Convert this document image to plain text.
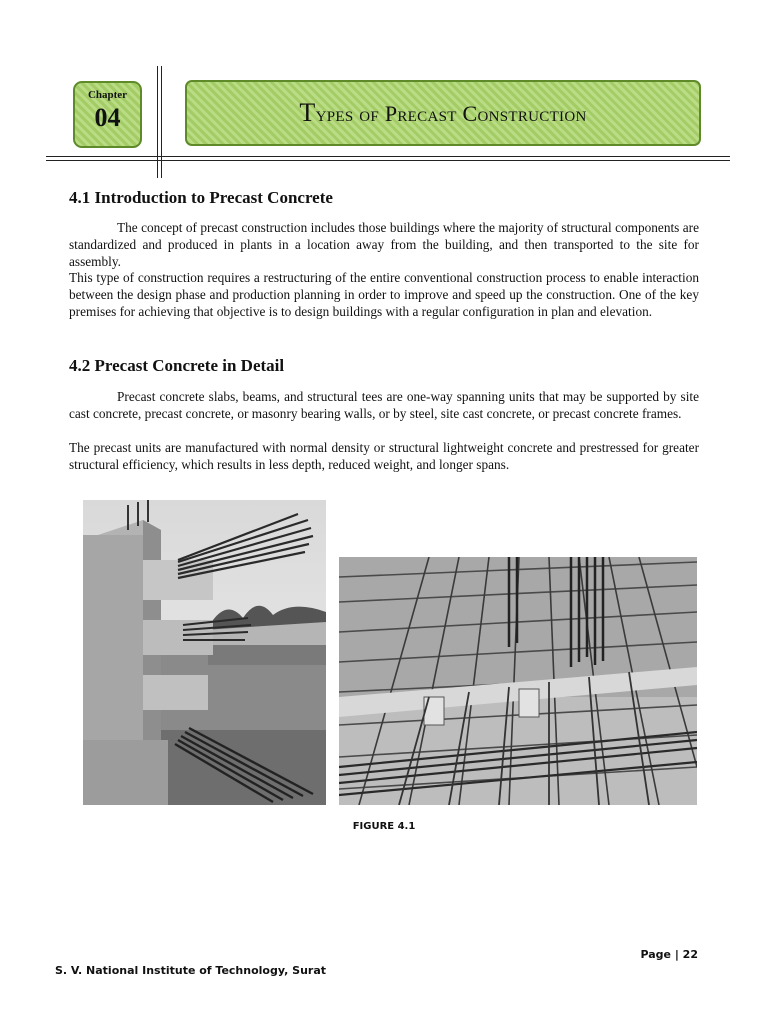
Chapter
04	Types of Precast Construction
4.1 Introduction to Precast Concrete

The concept of precast construction includes those buildings where the majority of structural components are standardized and produced in plants in a location away from the building, and then transported to the site for assembly.

This type of construction requires a restructuring of the entire conventional construction process to enable interaction between the design phase and production planning in order to improve and speed up the construction. One of the key premises for achieving that objective is to design buildings with a regular configuration in plan and elevation.

4.2 Precast Concrete in Detail

Precast concrete slabs, beams, and structural tees are one-way spanning units that may be supported by site cast concrete, precast concrete, or masonry bearing walls, or by steel, site cast concrete, or precast concrete frames.

The precast units are manufactured with normal density or structural lightweight concrete and prestressed for greater structural efficiency, which results in less depth, reduced weight, and longer spans.

FIGURE 4.1
Page | 22
S. V. National Institute of Technology, Surat
